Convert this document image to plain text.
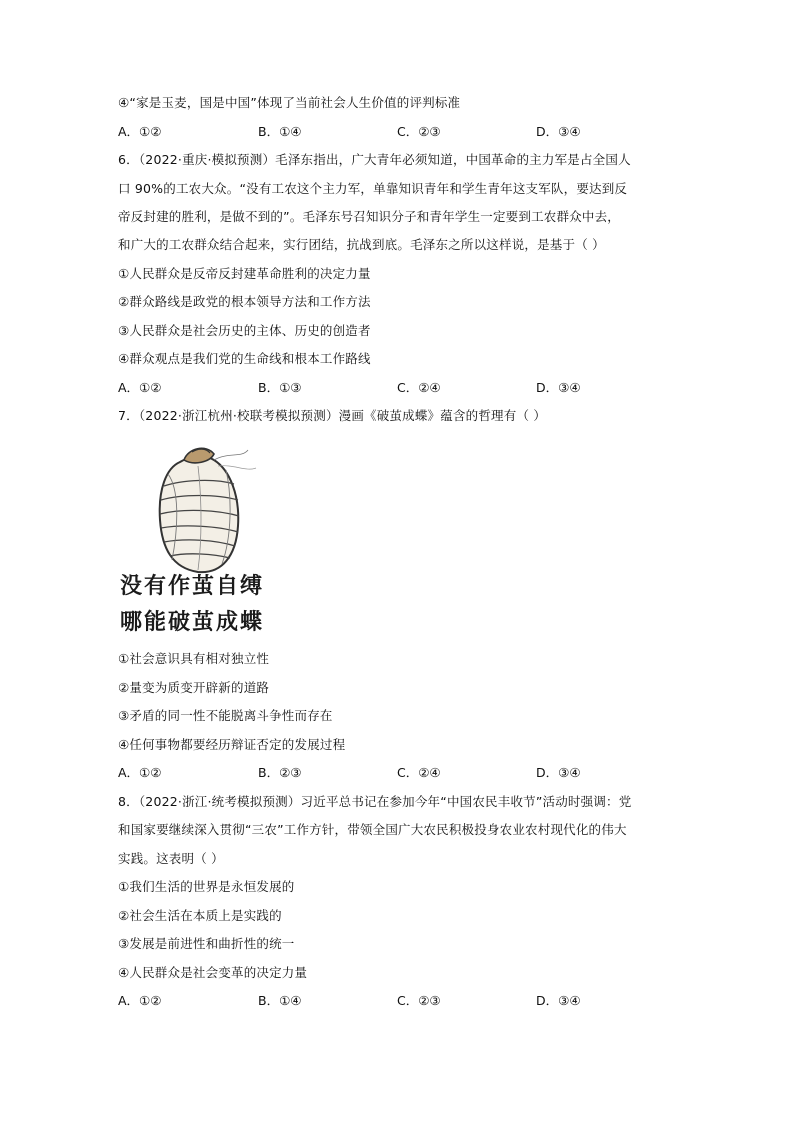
④“家是玉麦，国是中国”体现了当前社会人生价值的评判标准
A．①②	B．①④	C．②③	D．③④
6．（2022·重庆·模拟预测）毛泽东指出，广大青年必须知道，中国革命的主力军是占全国人
口 90%的工农大众。“没有工农这个主力军，单靠知识青年和学生青年这支军队，要达到反
帝反封建的胜利，是做不到的”。毛泽东号召知识分子和青年学生一定要到工农群众中去，
和广大的工农群众结合起来，实行团结，抗战到底。毛泽东之所以这样说，是基于（ ）
①人民群众是反帝反封建革命胜利的决定力量
②群众路线是政党的根本领导方法和工作方法
③人民群众是社会历史的主体、历史的创造者
④群众观点是我们党的生命线和根本工作路线
A．①②	B．①③	C．②④	D．③④
7．（2022·浙江杭州·校联考模拟预测）漫画《破茧成蝶》蕴含的哲理有（ ）
没有作茧自缚
哪能破茧成蝶
①社会意识具有相对独立性
②量变为质变开辟新的道路
③矛盾的同一性不能脱离斗争性而存在
④任何事物都要经历辩证否定的发展过程
A．①②	B．②③	C．②④	D．③④
8．（2022·浙江·统考模拟预测）习近平总书记在参加今年“中国农民丰收节”活动时强调：党
和国家要继续深入贯彻“三农”工作方针，带领全国广大农民积极投身农业农村现代化的伟大
实践。这表明（ ）
①我们生活的世界是永恒发展的
②社会生活在本质上是实践的
③发展是前进性和曲折性的统一
④人民群众是社会变革的决定力量
A．①②	B．①④	C．②③	D．③④
